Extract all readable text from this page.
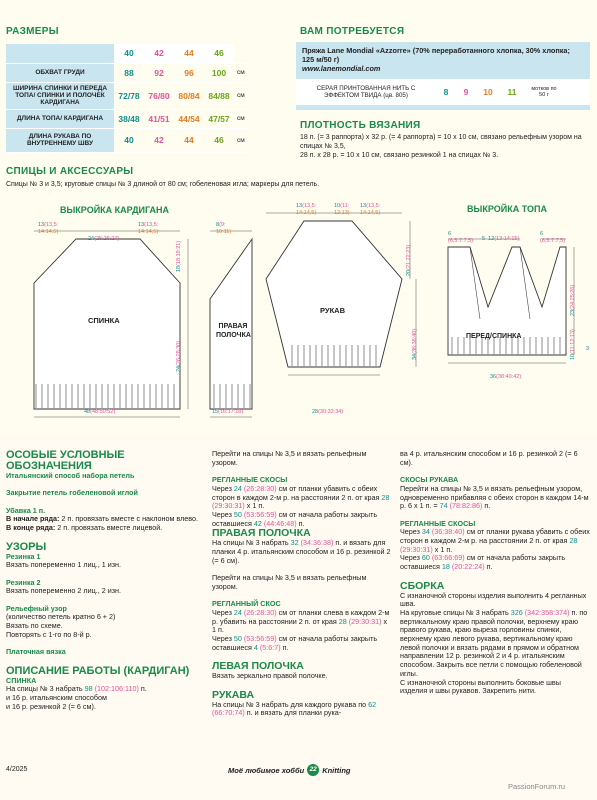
РАЗМЕРЫ
	40	42	44	46	
ОБХВАТ ГРУДИ	88	92	96	100	см
ШИРИНА СПИНКИ И ПЕРЕДА ТОПА/ СПИНКИ И ПОЛОЧЕК КАРДИГАНА	72/78	76/80	80/84	84/88	см
ДЛИНА ТОПА/ КАРДИГАНА	38/48	41/51	44/54	47/57	см
ДЛИНА РУКАВА ПО ВНУТРЕННЕМУ ШВУ	40	42	44	46	см
ВАМ ПОТРЕБУЕТСЯ
Пряжа Lane Mondial «Azzorre» (70% переработанного хлопка, 30% хлопка; 125 м/50 г)
www.lanemondial.com
СЕРАЯ ПРИНТОВАННАЯ НИТЬ С ЭФФЕКТОМ ТВИДА (цв. 805)	8	9	10	11	мотков по 50 г
ПЛОТНОСТЬ ВЯЗАНИЯ
18 п. (= 3 раппорта) x 32 р. (= 4 раппорта) = 10 x 10 см, связано рельефным узором на спицах № 3,5,
28 п. x 28 р. = 10 x 10 см, связано резинкой 1 на спицах № 3.
СПИЦЫ И АКСЕССУАРЫ
Спицы № 3 и 3,5; круговые спицы № 3 длиной от 80 см; гобеленовая игла; маркеры для петель.
ВЫКРОЙКА КАРДИГАНА	ВЫКРОЙКА ТОПА
СПИНКА
ПРАВАЯ
ПОЛОЧКА
РУКАВ
ПЕРЕД/СПИНКА
13(13,5:
14:14,5)
24(25:26:27)
13(13,5:
14:14,5)
48(48:50:52)
18(18:19:21)
24(26:28:30)
8(9:
10:11)
15(16:17:18)
13(13,5:
14:14,5)
10(11:
12:13)
13(13,5:
14:14,5)
28(30:32:34)
20(21:22:23)
34(36:38:40)
6
(6,5:7:7,5) 5 12(13:14:15)
6
(6,5:7:7,5)
36(38:40:42)
23(24:25:26)
10(11:12:13) 3
ОСОБЫЕ УСЛОВНЫЕ ОБОЗНАЧЕНИЯ
Итальянский способ набора петель
Закрытие петель гобеленовой иглой
Убавка 1 п.

В начале ряда: 2 п. провязать вместе с наклоном влево.

В конце ряда: 2 п. провязать вместе лицевой.

УЗОРЫ
Резинка 1

Вязать попеременно 1 лиц., 1 изн.

Резинка 2

Вязать попеременно 2 лиц., 2 изн.

Рельефный узор

(количество петель кратно 6 + 2)

Вязать по схеме.

Повторять с 1-го по 8-й р.

Платочная вязка
ОПИСАНИЕ РАБОТЫ (КАРДИГАН)
СПИНКА

На спицы № 3 набрать 98 (102:106:110) п.

и 16 р. итальянским способом

и 16 р. резинкой 2 (= 6 см).

Перейти на спицы № 3,5 и вязать рельефным узором.

РЕГЛАННЫЕ СКОСЫ

Через 24 (26:28:30) см от планки убавить с обеих сторон в каждом 2-м р. на расстоянии 2 п. от края 28 (29:30:31) x 1 п.

Через 50 (53:56:59) см от начала работы закрыть оставшиеся 42 (44:46:48) п.

ПРАВАЯ ПОЛОЧКА

На спицы № 3 набрать 32 (34:36:38) п. и вязать для планки 4 р. итальянским способом и 16 р. резинкой 2 (= 6 см).

Перейти на спицы № 3,5 и вязать рельефным узором.

РЕГЛАННЫЙ СКОС

Через 24 (26:28:30) см от планки слева в каждом 2-м р. убавить на расстоянии 2 п. от края 28 (29:30:31) x 1 п.

Через 50 (53:56:59) см от начала работы закрыть оставшиеся 4 (5:6:7) п.

ЛЕВАЯ ПОЛОЧКА

Вязать зеркально правой полочке.

РУКАВА

На спицы № 3 набрать для каждого рукава по 62 (66:70:74) п. и вязать для планки рука-

ва 4 р. итальянским способом и 16 р. резинкой 2 (= 6 см).

СКОСЫ РУКАВА

Перейти на спицы № 3,5 и вязать рельефным узором, одновременно прибавляя с обеих сторон в каждом 14-м р. 6 x 1 п. = 74 (78:82:86) п.

РЕГЛАННЫЕ СКОСЫ

Через 34 (36:38:40) см от планки рукава убавить с обеих сторон в каждом 2-м р. на расстоянии 2 п. от края 28 (29:30:31) x 1 п.

Через 60 (63:66:69) см от начала работы закрыть оставшиеся 18 (20:22:24) п.

СБОРКА

С изнаночной стороны изделия выполнить 4 регланных шва.

На круговые спицы № 3 набрать 326 (342:358:374) п. по вертикальному краю правой полочки, верхнему краю правого рукава, краю выреза горловины спинки, верхнему краю левого рукава, вертикальному краю левой полочки и вязать рядами в прямом и обратном направлении 12 р. резинкой 2 и 4 р. итальянским способом. Закрыть все петли с помощью гобеленовой иглы.

С изнаночной стороны выполнить боковые швы изделия и швы рукавов. Закрепить нити.

4/2025	Моё любимое хобби 22 Knitting
PassionForum.ru
